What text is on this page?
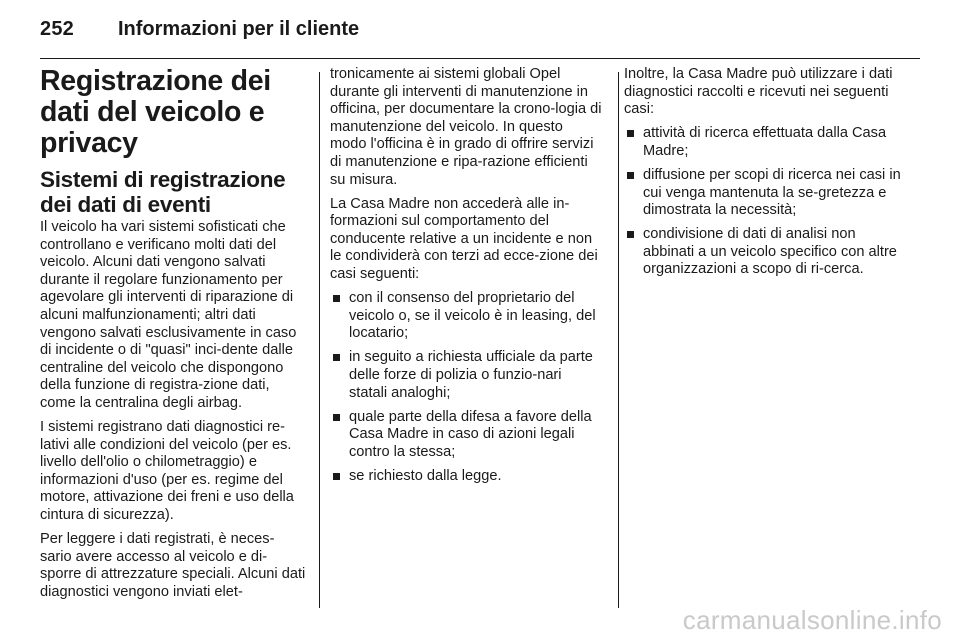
252 Informazioni per il cliente
Registrazione dei dati del veicolo e privacy
Sistemi di registrazione dei dati di eventi

Il veicolo ha vari sistemi sofisticati che controllano e verificano molti dati del veicolo. Alcuni dati vengono salvati durante il regolare funzionamento per agevolare gli interventi di riparazione di alcuni malfunzionamenti; altri dati vengono salvati esclusivamente in caso di incidente o di "quasi" inci-dente dalle centraline del veicolo che dispongono della funzione di registra-zione dati, come la centralina degli airbag.

I sistemi registrano dati diagnostici re-lativi alle condizioni del veicolo (per es. livello dell'olio o chilometraggio) e informazioni d'uso (per es. regime del motore, attivazione dei freni e uso della cintura di sicurezza).

Per leggere i dati registrati, è neces-sario avere accesso al veicolo e di-sporre di attrezzature speciali. Alcuni dati diagnostici vengono inviati elet-

tronicamente ai sistemi globali Opel durante gli interventi di manutenzione in officina, per documentare la crono-logia di manutenzione del veicolo. In questo modo l'officina è in grado di offrire servizi di manutenzione e ripa-razione efficienti su misura.

La Casa Madre non accederà alle in-formazioni sul comportamento del conducente relative a un incidente e non le condividerà con terzi ad ecce-zione dei casi seguenti:

con il consenso del proprietario del veicolo o, se il veicolo è in leasing, del locatario;
in seguito a richiesta ufficiale da parte delle forze di polizia o funzio-nari statali analoghi;
quale parte della difesa a favore della Casa Madre in caso di azioni legali contro la stessa;
se richiesto dalla legge.

Inoltre, la Casa Madre può utilizzare i dati diagnostici raccolti e ricevuti nei seguenti casi:

attività di ricerca effettuata dalla Casa Madre;
diffusione per scopi di ricerca nei casi in cui venga mantenuta la se-gretezza e dimostrata la necessità;
condivisione di dati di analisi non abbinati a un veicolo specifico con altre organizzazioni a scopo di ri-cerca.
carmanualsonline.info
